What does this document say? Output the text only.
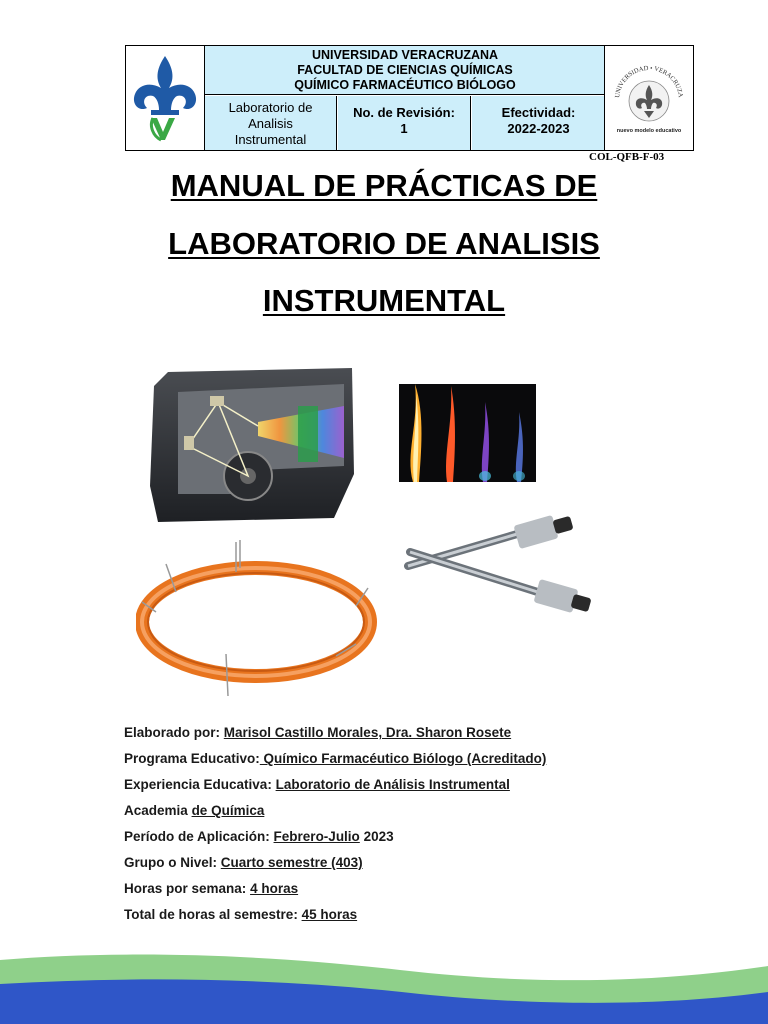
UNIVERSIDAD VERACRUZANA
FACULTAD DE CIENCIAS QUÍMICAS
QUÍMICO FARMACÉUTICO BIÓLOGO
Laboratorio de
Analisis
Instrumental
No. de Revisión:
1
Efectividad:
2022-2023
UNIVERSIDAD • VERACRUZA
nuevo modelo educativo
COL-QFB-F-03
MANUAL DE PRÁCTICAS DE
LABORATORIO DE ANALISIS
INSTRUMENTAL
Elaborado por: Marisol Castillo Morales, Dra. Sharon Rosete
Programa Educativo: Químico Farmacéutico Biólogo (Acreditado)
Experiencia Educativa: Laboratorio de Análisis Instrumental
Academia de Química
Período de Aplicación: Febrero-Julio 2023
Grupo o Nivel: Cuarto semestre (403)
Horas por semana: 4 horas
Total de horas al semestre: 45 horas
